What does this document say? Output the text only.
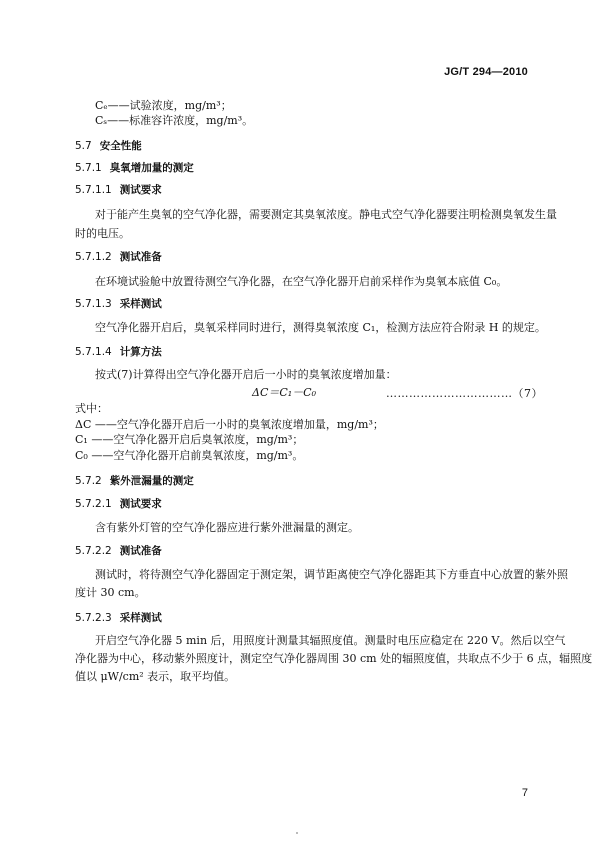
JG/T 294—2010
Cₑ——试验浓度，mg/m³；
Cₛ——标准容许浓度，mg/m³。
5.7 安全性能
5.7.1 臭氧增加量的测定
5.7.1.1 测试要求
对于能产生臭氧的空气净化器，需要测定其臭氧浓度。静电式空气净化器要注明检测臭氧发生量
时的电压。
5.7.1.2 测试准备
在环境试验舱中放置待测空气净化器，在空气净化器开启前采样作为臭氧本底值 C₀。
5.7.1.3 采样测试
空气净化器开启后，臭氧采样同时进行，测得臭氧浓度 C₁，检测方法应符合附录 H 的规定。
5.7.1.4 计算方法
按式(7)计算得出空气净化器开启后一小时的臭氧浓度增加量：
ΔC＝C₁－C₀	……………………………（7）
式中：
ΔC ——空气净化器开启后一小时的臭氧浓度增加量，mg/m³；
C₁ ——空气净化器开启后臭氧浓度，mg/m³；
C₀ ——空气净化器开启前臭氧浓度，mg/m³。
5.7.2 紫外泄漏量的测定
5.7.2.1 测试要求
含有紫外灯管的空气净化器应进行紫外泄漏量的测定。
5.7.2.2 测试准备
测试时，将待测空气净化器固定于测定架，调节距离使空气净化器距其下方垂直中心放置的紫外照
度计 30 cm。
5.7.2.3 采样测试
开启空气净化器 5 min 后，用照度计测量其辐照度值。测量时电压应稳定在 220 V。然后以空气
净化器为中心，移动紫外照度计，测定空气净化器周围 30 cm 处的辐照度值，共取点不少于 6 点，辐照度
值以 μW/cm² 表示，取平均值。
7
